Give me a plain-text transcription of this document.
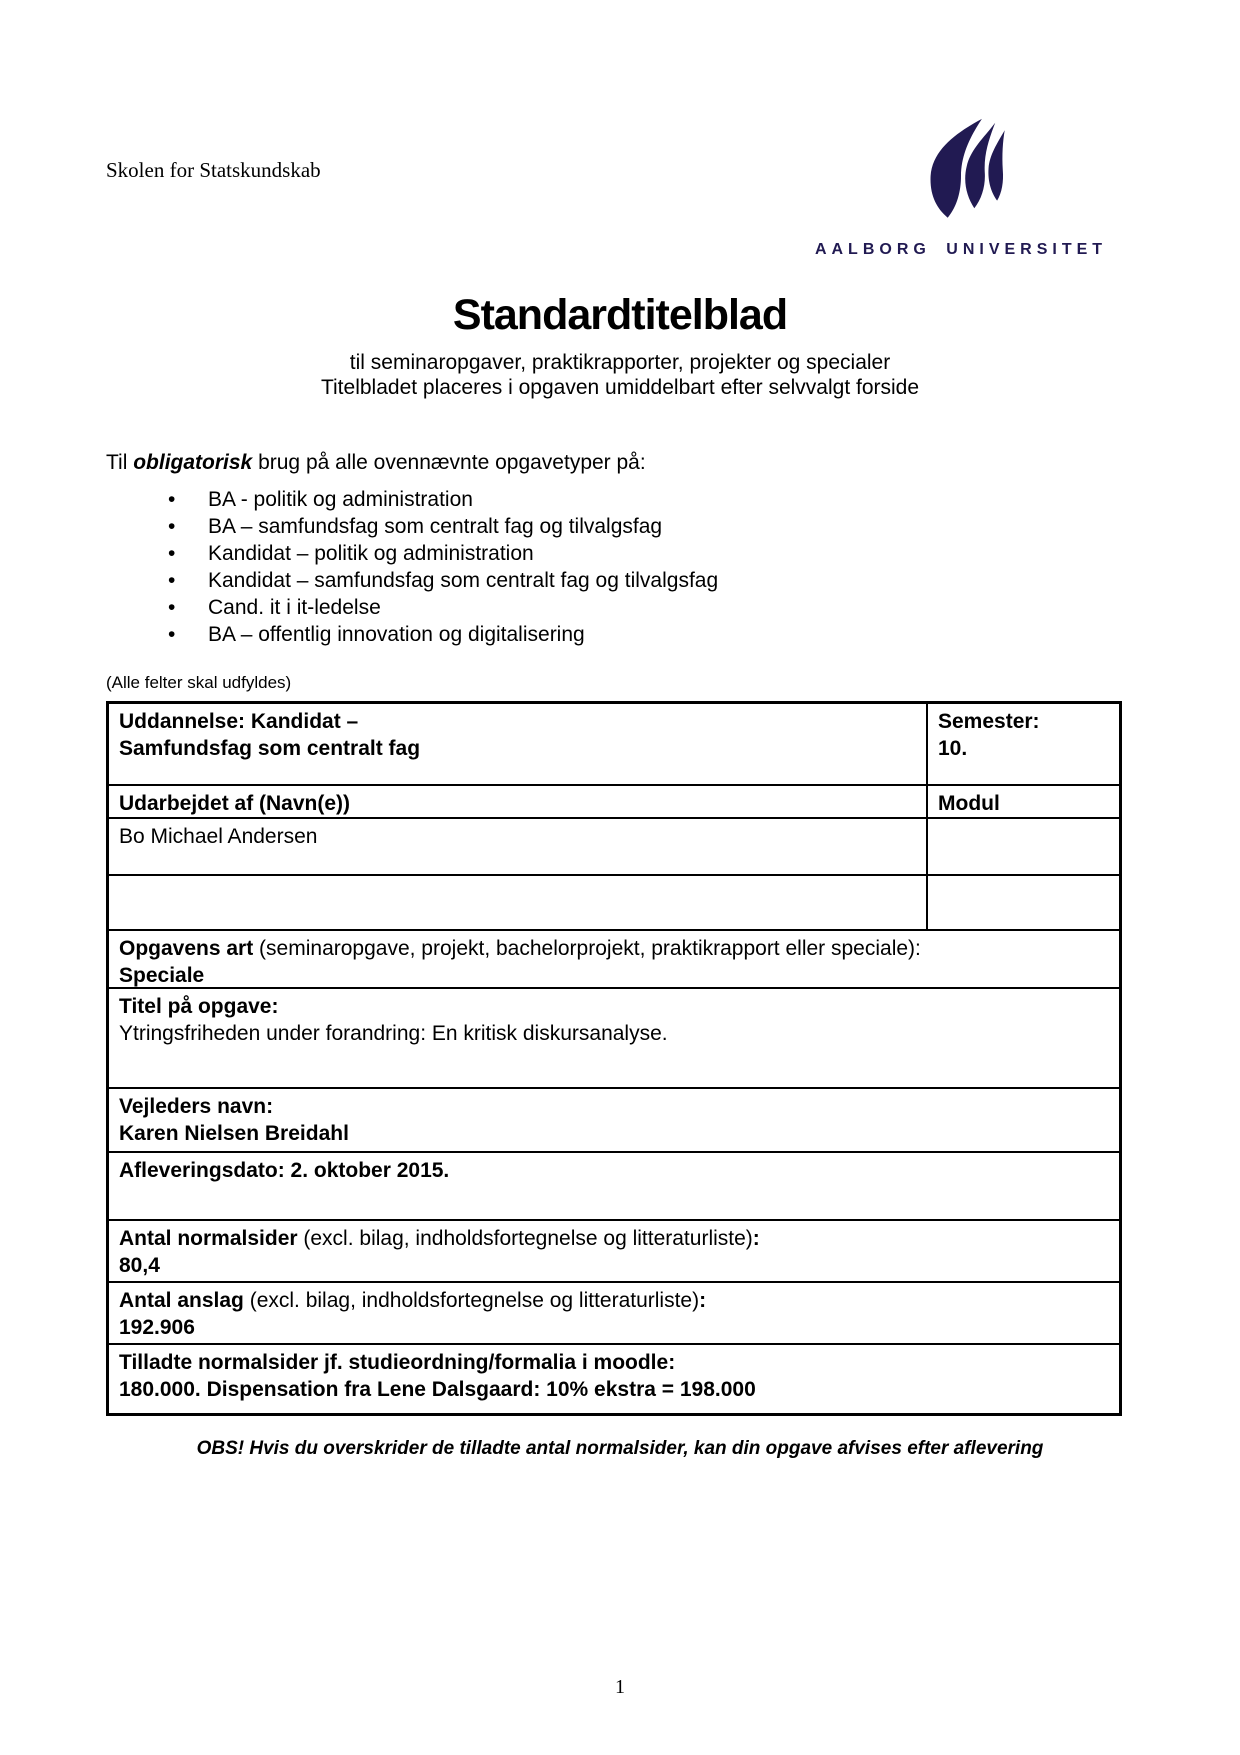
Skolen for Statskundskab
AALBORG UNIVERSITET
Standardtitelblad
til seminaropgaver, praktikrapporter, projekter og specialer
Titelbladet placeres i opgaven umiddelbart efter selvvalgt forside
Til obligatorisk brug på alle ovennævnte opgavetyper på:
•	BA - politik og administration
•	BA – samfundsfag som centralt fag og tilvalgsfag
•	Kandidat – politik og administration
•	Kandidat – samfundsfag som centralt fag og tilvalgsfag
•	Cand. it i it-ledelse
•	BA – offentlig innovation og digitalisering
(Alle felter skal udfyldes)
Uddannelse: Kandidat –
Samfundsfag som centralt fag
Semester:
10.
Udarbejdet af (Navn(e))	Modul
Bo Michael Andersen
Opgavens art (seminaropgave, projekt, bachelorprojekt, praktikrapport eller speciale):
Speciale
Titel på opgave:
Ytringsfriheden under forandring: En kritisk diskursanalyse.
Vejleders navn:
Karen Nielsen Breidahl
Afleveringsdato: 2. oktober 2015.
Antal normalsider (excl. bilag, indholdsfortegnelse og litteraturliste):
80,4
Antal anslag (excl. bilag, indholdsfortegnelse og litteraturliste):
192.906
Tilladte normalsider jf. studieordning/formalia i moodle:
180.000. Dispensation fra Lene Dalsgaard: 10% ekstra = 198.000
OBS! Hvis du overskrider de tilladte antal normalsider, kan din opgave afvises efter aflevering
1
